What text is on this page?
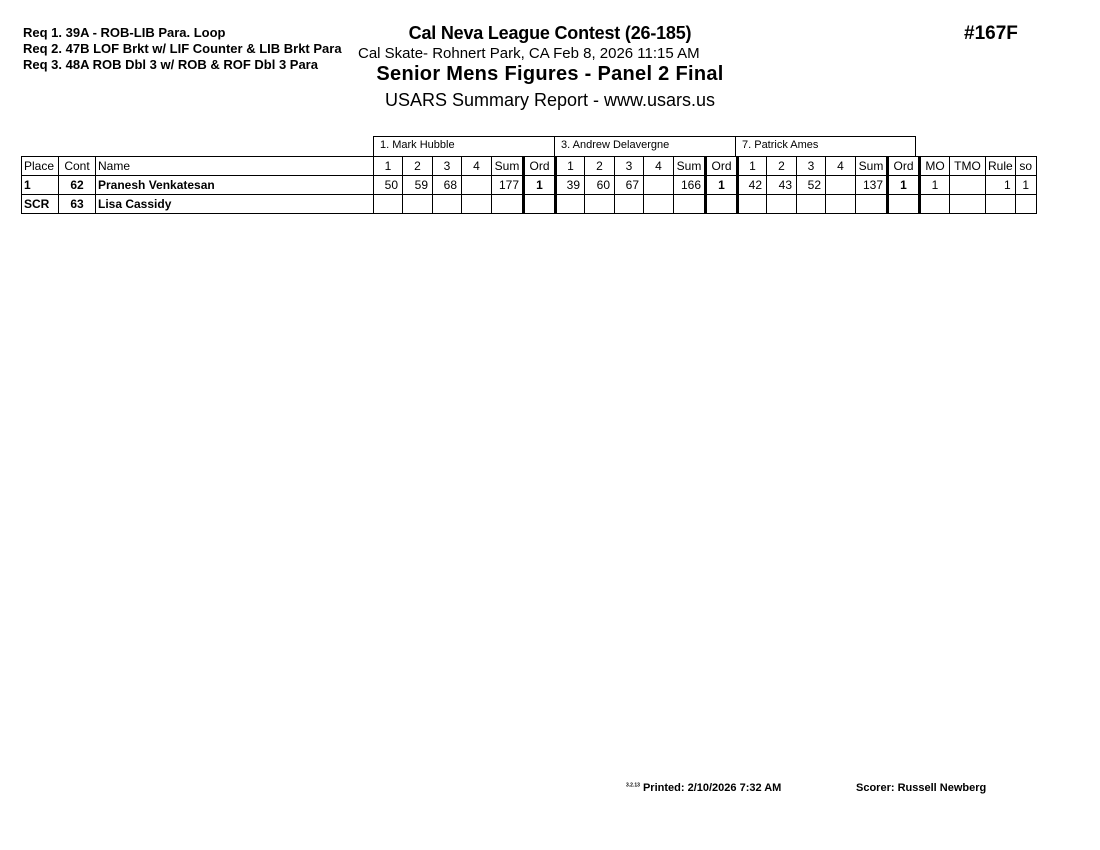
Req 1. 39A - ROB-LIB Para. Loop
Req 2. 47B LOF Brkt w/ LIF Counter & LIB Brkt Para
Req 3. 48A ROB Dbl 3 w/ ROB & ROF Dbl 3 Para
Cal Neva League Contest (26-185)
Cal Skate- Rohnert Park, CA Feb 8, 2026 11:15 AM
Senior Mens Figures - Panel 2 Final
USARS Summary Report - www.usars.us
#167F
1. Mark Hubble	3. Andrew Delavergne	7. Patrick Ames
Place	Cont	Name	1	2	3	4	Sum	Ord	1	2	3	4	Sum	Ord	1	2	3	4	Sum	Ord	MO	TMO	Rule	so
1	62	Pranesh Venkatesan	50	59	68		177	1	39	60	67		166	1	42	43	52		137	1	1		1	1
SCR	63	Lisa Cassidy																						
$^{3.2.13}$ Printed: 2/10/2026 7:32 AM	Scorer: Russell Newberg
